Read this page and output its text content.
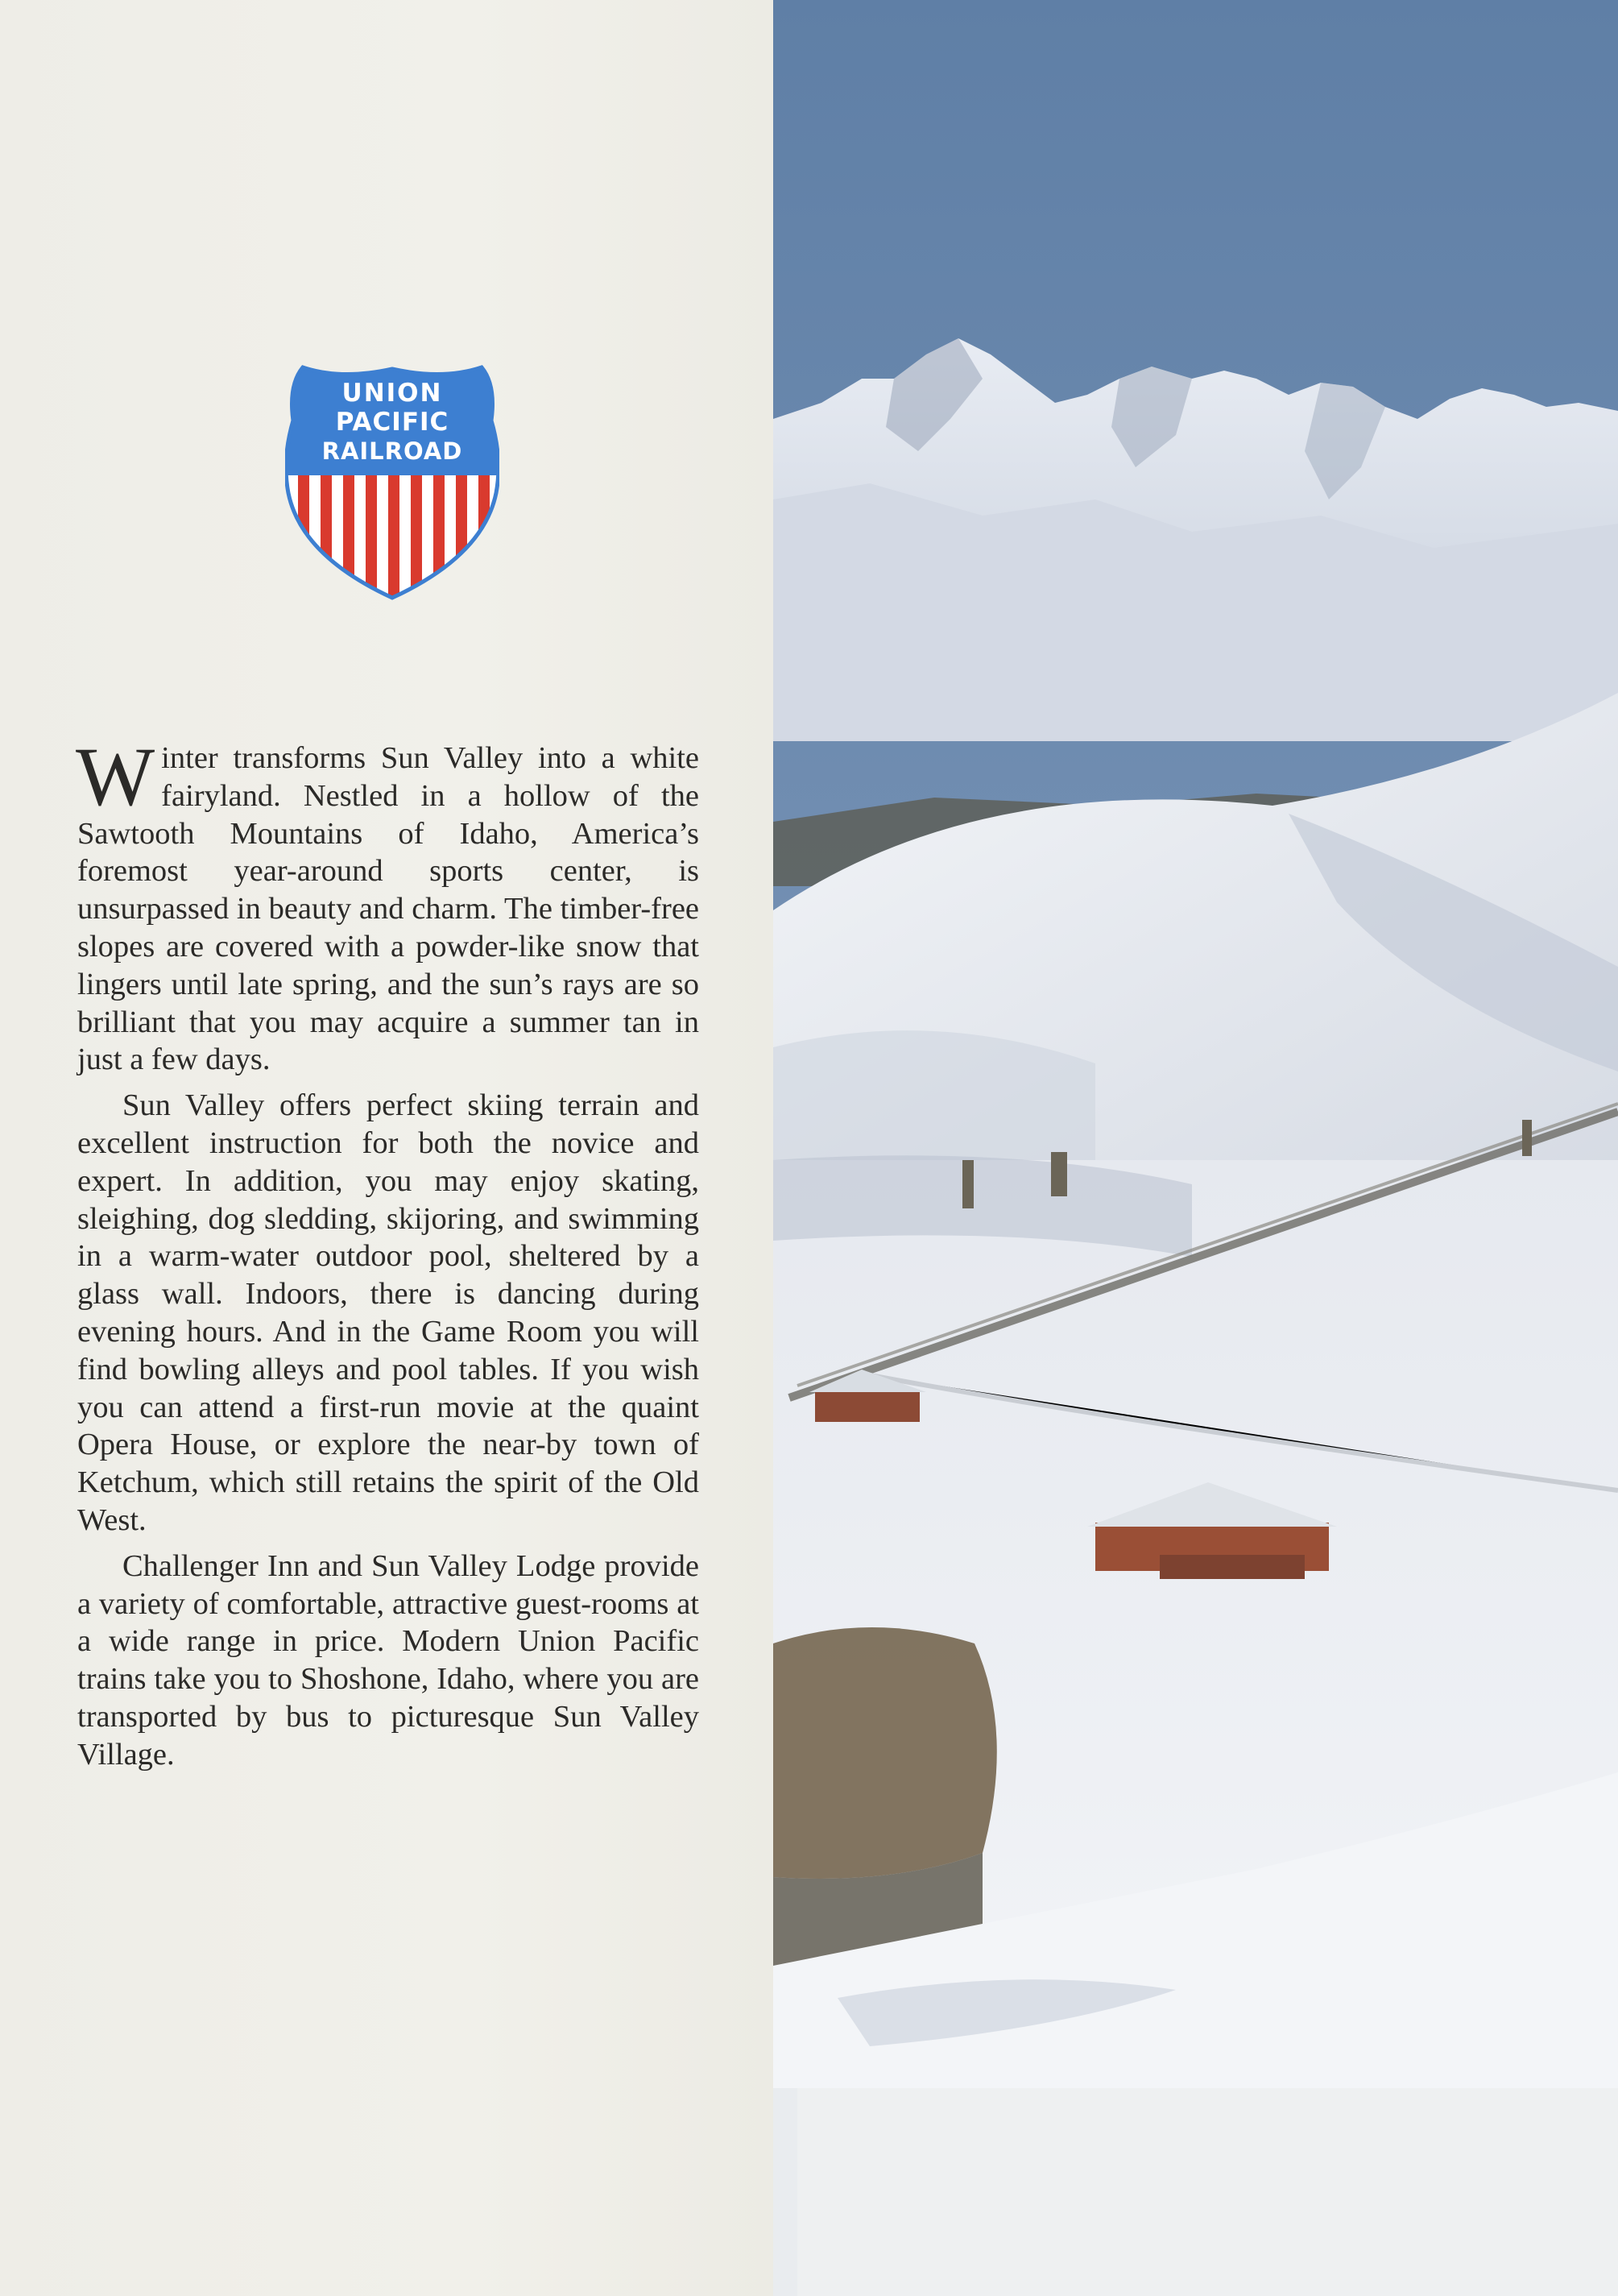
UNION
PACIFIC
RAILROAD

Winter transforms Sun Valley into a white fairyland. Nestled in a hollow of the Sawtooth Mountains of Idaho, America’s foremost year-around sports center, is unsurpassed in beauty and charm. The timber-free slopes are covered with a powder-like snow that lingers until late spring, and the sun’s rays are so brilliant that you may acquire a summer tan in just a few days.

Sun Valley offers perfect skiing terrain and excellent instruction for both the novice and expert. In addition, you may enjoy skating, sleighing, dog sledding, skijoring, and swimming in a warm-water outdoor pool, sheltered by a glass wall. Indoors, there is dancing during evening hours. And in the Game Room you will find bowling alleys and pool tables. If you wish you can attend a first-run movie at the quaint Opera House, or explore the near-by town of Ketchum, which still retains the spirit of the Old West.

Challenger Inn and Sun Valley Lodge provide a variety of comfortable, attractive guest-rooms at a wide range in price. Modern Union Pacific trains take you to Shoshone, Idaho, where you are transported by bus to picturesque Sun Valley Village.
